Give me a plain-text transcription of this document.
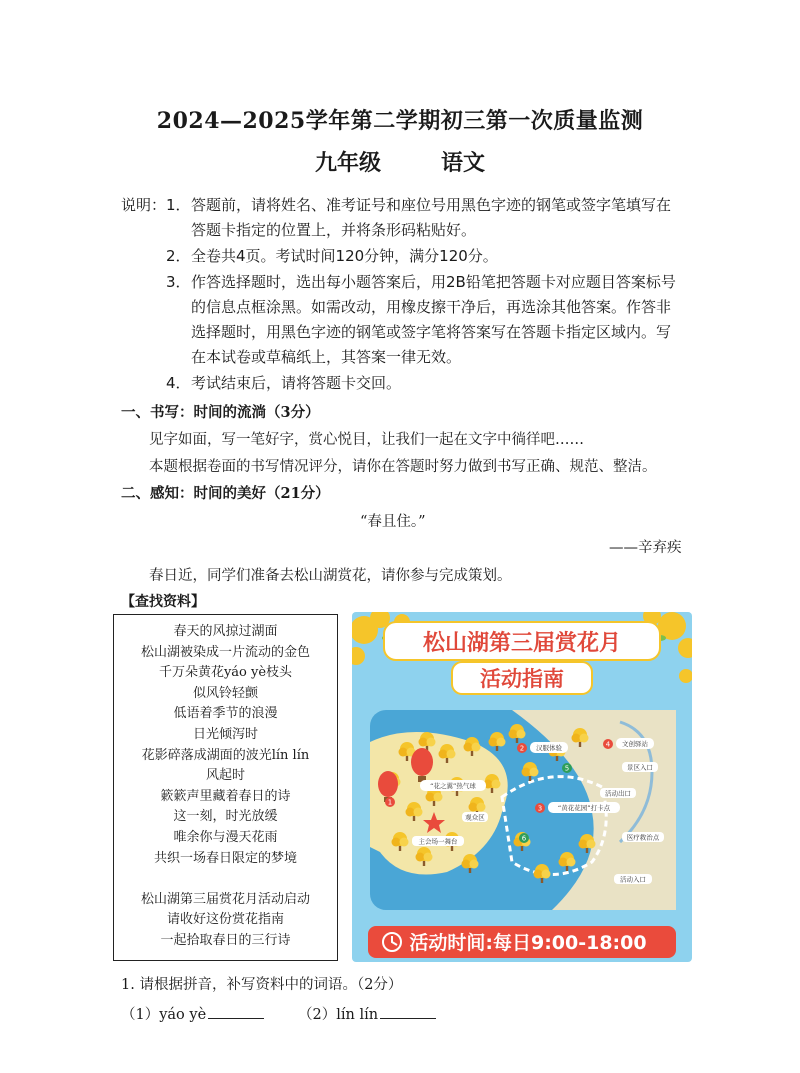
2024—2025学年第二学期初三第一次质量监测
九年级	语文
说明： 1． 答题前，请将姓名、准考证号和座位号用黑色字迹的钢笔或签字笔填写在
答题卡指定的位置上，并将条形码粘贴好。
2． 全卷共4页。考试时间120分钟，满分120分。
3． 作答选择题时，选出每小题答案后，用2B铅笔把答题卡对应题目答案标号
的信息点框涂黑。如需改动，用橡皮擦干净后，再选涂其他答案。作答非
选择题时，用黑色字迹的钢笔或签字笔将答案写在答题卡指定区域内。写
在本试卷或草稿纸上，其答案一律无效。
4． 考试结束后，请将答题卡交回。
一、书写：时间的流淌（3分）
见字如面，写一笔好字，赏心悦目，让我们一起在文字中徜徉吧……
本题根据卷面的书写情况评分，请你在答题时努力做到书写正确、规范、整洁。
二、感知：时间的美好（21分）
“春且住。”
——辛弃疾
春日近，同学们准备去松山湖赏花，请你参与完成策划。
【查找资料】
春天的风掠过湖面
松山湖被染成一片流动的金色
千万朵黄花yáo yè枝头
似风铃轻颤
低语着季节的浪漫
日光倾泻时
花影碎落成湖面的波光lín lín
风起时
簌簌声里藏着春日的诗
这一刻，时光放缓
唯余你与漫天花雨
共织一场春日限定的梦境

松山湖第三届赏花月活动启动
请收好这份赏花指南
一起拾取春日的三行诗
松山湖第三届赏花月
活动指南
1
“花之翼”热气球
2 汉服体验
3 “黄花花园”打卡点
4 文创驿站
5
6
观众区
主会场一舞台
景区入口
活动出口
医疗救治点
活动入口
活动时间:每日9:00-18:00
1. 请根据拼音，补写资料中的词语。（2分）
（1）yáo yè	（2）lín lín
